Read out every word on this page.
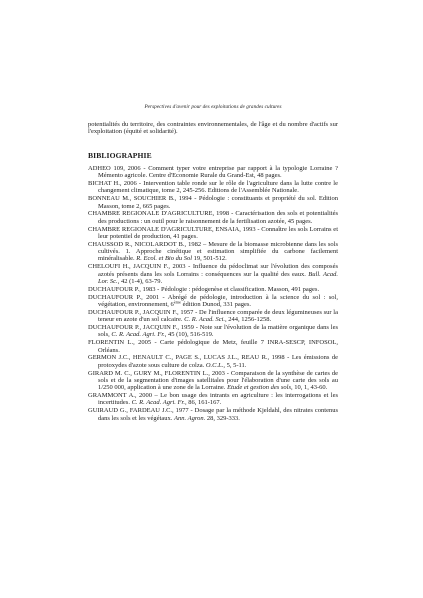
Perspectives d'avenir pour des exploitations de grandes cultures

potentialités du territoire, des contraintes environnementales, de l'âge et du nombre d'actifs sur l'exploitation (équité et solidarité).

BIBLIOGRAPHIE
ADHEO 109, 2006 - Comment typer votre entreprise par rapport à la typologie Lorraine ? Mémento agricole. Centre d'Economie Rurale du Grand-Est, 48 pages.
BICHAT H., 2006 - Intervention table ronde sur le rôle de l'agriculture dans la lutte contre le changement climatique, tome 2, 245-256. Editions de l'Assemblée Nationale.
BONNEAU M., SOUCHIER B., 1994 - Pédologie : constituants et propriété du sol. Edition Masson, tome 2, 665 pages.
CHAMBRE REGIONALE D'AGRICULTURE, 1998 - Caractérisation des sols et potentialités des productions : un outil pour le raisonnement de la fertilisation azotée, 45 pages.
CHAMBRE REGIONALE D'AGRICULTURE, ENSAIA, 1993 - Connaître les sols Lorrains et leur potentiel de production, 41 pages.
CHAUSSOD R., NICOLARDOT B., 1982 – Mesure de la biomasse microbienne dans les sols cultivés. 1. Approche cinétique et estimation simplifiée du carbone facilement minéralisable. R. Ecol. et Bio du Sol 19, 501-512.
CHELOUFI H., JACQUIN F., 2003 - Influence du pédoclimat sur l'évolution des composés azotés présents dans les sols Lorrains : conséquences sur la qualité des eaux. Bull. Acad. Lor. Sc., 42 (1-4), 63-79.
DUCHAUFOUR P., 1983 - Pédologie : pédogenèse et classification. Masson, 491 pages.
DUCHAUFOUR P., 2001 - Abrégé de pédologie, introduction à la science du sol : sol, végétation, environnement, 6ème édition Dunod, 331 pages.
DUCHAUFOUR P., JACQUIN F., 1957 - De l'influence comparée de deux légumineuses sur la teneur en azote d'un sol calcaire. C. R. Acad. Sci., 244, 1256-1258.
DUCHAUFOUR P., JACQUIN F., 1959 - Note sur l'évolution de la matière organique dans les sols, C. R. Acad. Agri. Fr., 45 (10), 516-519.
FLORENTIN L., 2005 - Carte pédologique de Metz, feuille 7 INRA-SESCP, INFOSOL, Orléans.
GERMON J.C., HENAULT C., PAGE S., LUCAS J.L., REAU R., 1998 - Les émissions de protoxydes d'azote sous culture de colza. O.C.L., 5, 5-11.
GIRARD M. C., GURY M., FLORENTIN L., 2003 - Comparaison de la synthèse de cartes de sols et de la segmentation d'images satellitales pour l'élaboration d'une carte des sols au 1/250 000, application à une zone de la Lorraine. Etude et gestion des sols, 10, 1, 43-60.
GRAMMONT A., 2000 – Le bon usage des intrants en agriculture : les interrogations et les incertitudes. C. R. Acad. Agri. Fr., 86, 161-167.
GUIRAUD G., FARDEAU J.C., 1977 - Dosage par la méthode Kjeldahl, des nitrates contenus dans les sols et les végétaux. Ann. Agron. 28, 329-333.
